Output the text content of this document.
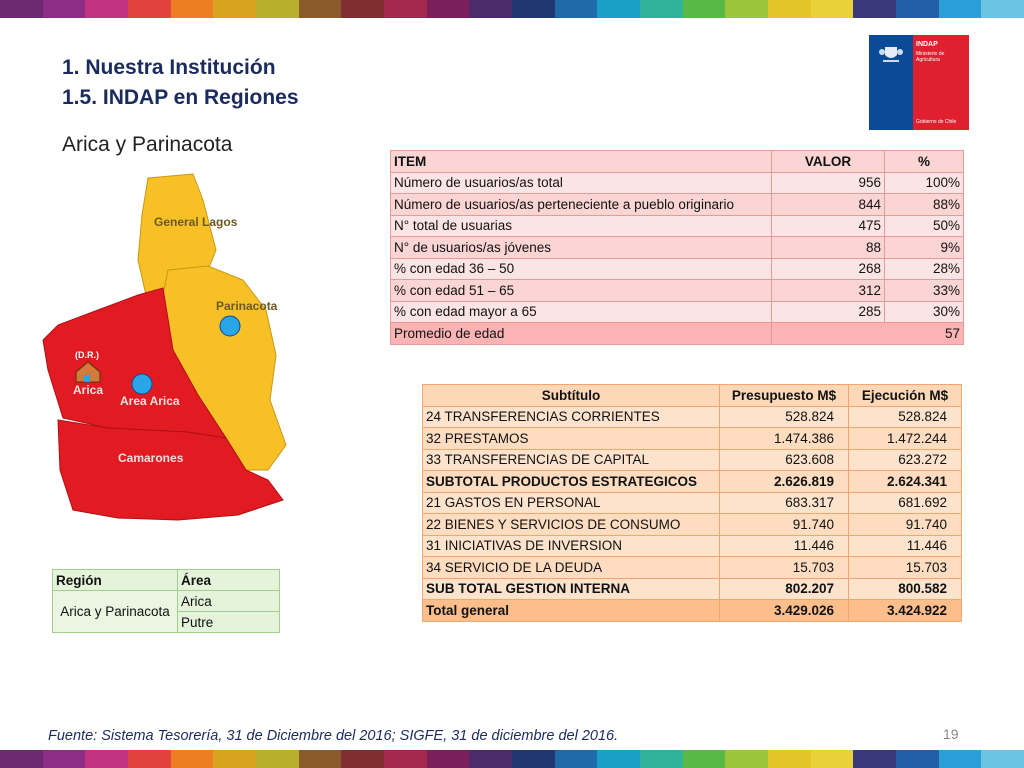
1. Nuestra Institución
1.5. INDAP en Regiones
Arica y Parinacota
INDAP
Ministerio de Agricultura
Gobierno de Chile
General Lagos
Parinacota
(D.R.)
Arica
Area Arica
Camarones
ITEM	VALOR	%
Número de usuarios/as total	956	100%
Número de usuarios/as perteneciente a pueblo originario	844	88%
N° total de usuarias	475	50%
N° de usuarios/as jóvenes	88	9%
% con edad 36 – 50	268	28%
% con edad 51 – 65	312	33%
% con edad mayor a 65	285	30%
Promedio de edad	57	
Subtítulo	Presupuesto M$	Ejecución M$
24 TRANSFERENCIAS CORRIENTES	528.824	528.824
32 PRESTAMOS	1.474.386	1.472.244
33 TRANSFERENCIAS DE CAPITAL	623.608	623.272
SUBTOTAL PRODUCTOS ESTRATEGICOS	2.626.819	2.624.341
21 GASTOS EN PERSONAL	683.317	681.692
22 BIENES Y SERVICIOS DE CONSUMO	91.740	91.740
31 INICIATIVAS DE INVERSION	11.446	11.446
34 SERVICIO DE LA DEUDA	15.703	15.703
SUB TOTAL GESTION INTERNA	802.207	800.582
Total general	3.429.026	3.424.922
Región	Área
Arica y Parinacota	Arica
	Putre
Fuente: Sistema Tesorería, 31 de Diciembre del 2016; SIGFE, 31 de diciembre del 2016.	19
